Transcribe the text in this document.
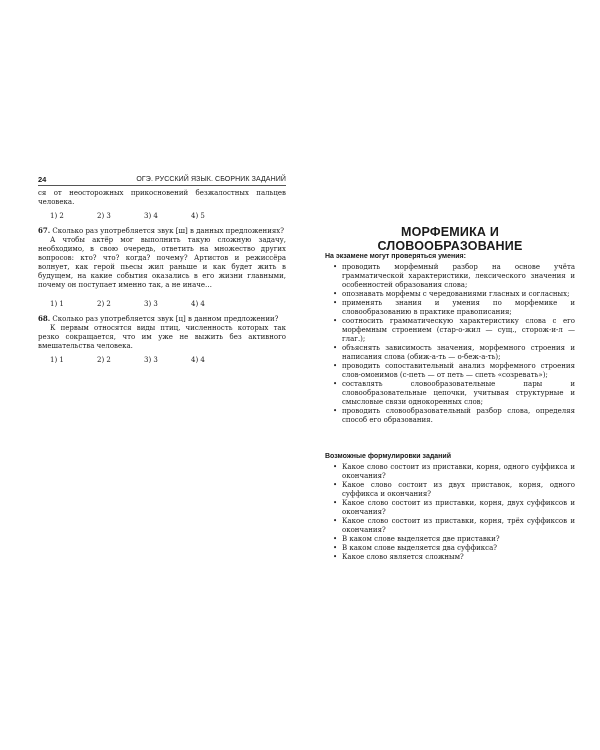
24	ОГЭ. РУССКИЙ ЯЗЫК. СБОРНИК ЗАДАНИЙ

ся от неосторожных прикосновений безжалостных пальцев человека.

1) 2	2) 3	3) 4	4) 5

67. Сколько раз употребляется звук [ш] в данных предложениях?

А чтобы актёр мог выполнить такую сложную задачу, необходимо, в свою очередь, ответить на множество других вопросов: кто? что? когда? почему? Артистов и режиссёра волнует, как герой пьесы жил раньше и как будет жить в будущем, на какие события оказались в его жизни главными, почему он поступает именно так, а не иначе…

1) 1	2) 2	3) 3	4) 4

68. Сколько раз употребляется звук [ц] в данном предложении?

К первым относятся виды птиц, численность которых так резко сокращается, что им уже не выжить без активного вмешательства человека.

1) 1	2) 2	3) 3	4) 4
МОРФЕМИКА И СЛОВООБРАЗОВАНИЕ
На экзамене могут проверяться умения:
• проводить морфемный разбор на основе учёта грамматической характеристики, лексического значения и особенностей образования слова;
• опознавать морфемы с чередованиями гласных и согласных;
• применять знания и умения по морфемике и словообразованию в практике правописания;
• соотносить грамматическую характеристику слова с его морфемным строением (стар-о-жил — сущ., сторож-и-л — глаг.);
• объяснять зависимость значения, морфемного строения и написания слова (обиж-а-ть — о-беж-а-ть);
• проводить сопоставительный анализ морфемного строения слов-омонимов (с-петь — от петь — спеть «созревать»);
• составлять словообразовательные пары и словообразовательные цепочки, учитывая структурные и смысловые связи однокоренных слов;
• проводить словообразовательный разбор слова, определяя способ его образования.
Возможные формулировки заданий
• Какое слово состоит из приставки, корня, одного суффикса и окончания?
• Какое слово состоит из двух приставок, корня, одного суффикса и окончания?
• Какое слово состоит из приставки, корня, двух суффиксов и окончания?
• Какое слово состоит из приставки, корня, трёх суффиксов и окончания?
• В каком слове выделяется две приставки?
• В каком слове выделяется два суффикса?
• Какое слово является сложным?
